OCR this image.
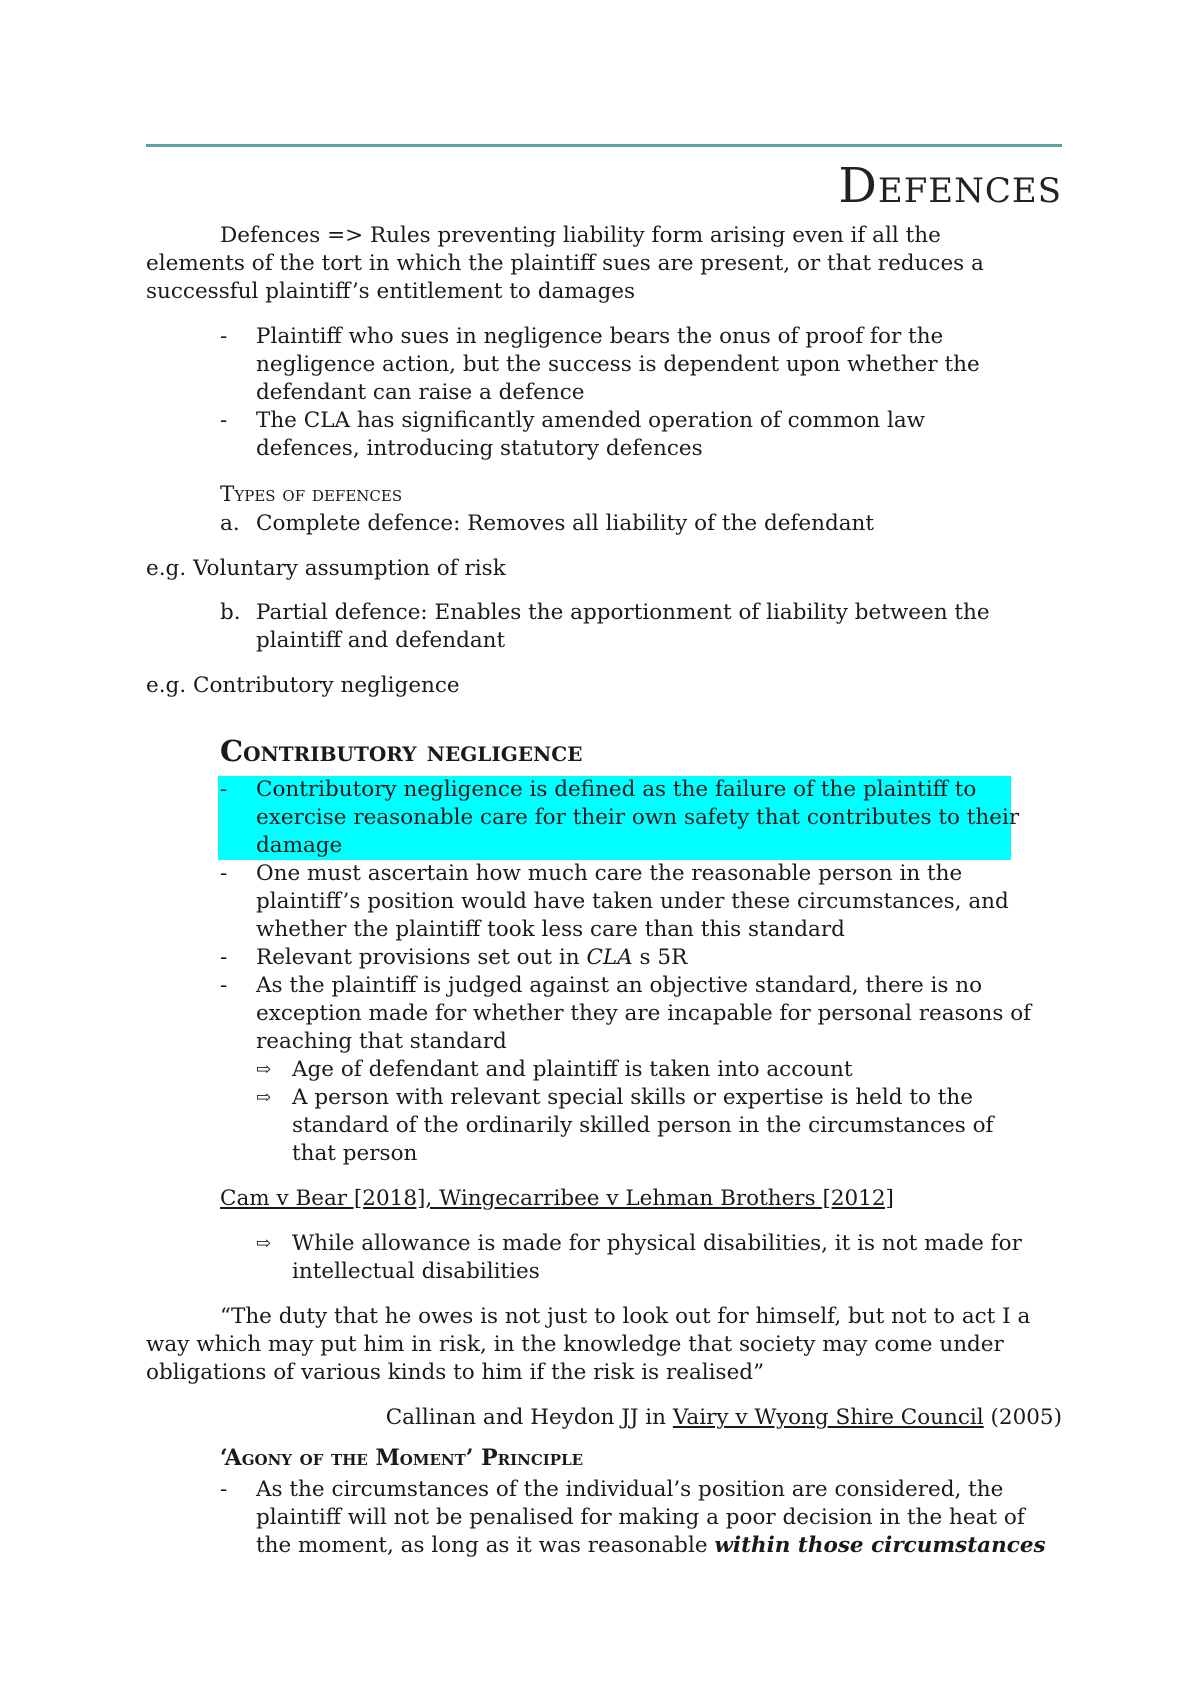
Defences

Defences => Rules preventing liability form arising even if all the

elements of the tort in which the plaintiff sues are present, or that reduces a

successful plaintiff’s entitlement to damages

- Plaintiff who sues in negligence bears the onus of proof for the

negligence action, but the success is dependent upon whether the

defendant can raise a defence

- The CLA has significantly amended operation of common law

defences, introducing statutory defences

Types of defences

a. Complete defence: Removes all liability of the defendant

e.g. Voluntary assumption of risk

b. Partial defence: Enables the apportionment of liability between the

plaintiff and defendant

e.g. Contributory negligence

Contributory negligence
- Contributory negligence is defined as the failure of the plaintiff to

exercise reasonable care for their own safety that contributes to their

damage

- One must ascertain how much care the reasonable person in the

plaintiff’s position would have taken under these circumstances, and

whether the plaintiff took less care than this standard

- Relevant provisions set out in CLA s 5R

- As the plaintiff is judged against an objective standard, there is no

exception made for whether they are incapable for personal reasons of

reaching that standard

⇨ Age of defendant and plaintiff is taken into account

⇨ A person with relevant special skills or expertise is held to the

standard of the ordinarily skilled person in the circumstances of

that person

Cam v Bear [2018], Wingecarribee v Lehman Brothers [2012]

⇨ While allowance is made for physical disabilities, it is not made for

intellectual disabilities

“The duty that he owes is not just to look out for himself, but not to act I a

way which may put him in risk, in the knowledge that society may come under

obligations of various kinds to him if the risk is realised”

Callinan and Heydon JJ in Vairy v Wyong Shire Council (2005)

‘Agony of the Moment’ Principle
- As the circumstances of the individual’s position are considered, the

plaintiff will not be penalised for making a poor decision in the heat of

the moment, as long as it was reasonable within those circumstances
